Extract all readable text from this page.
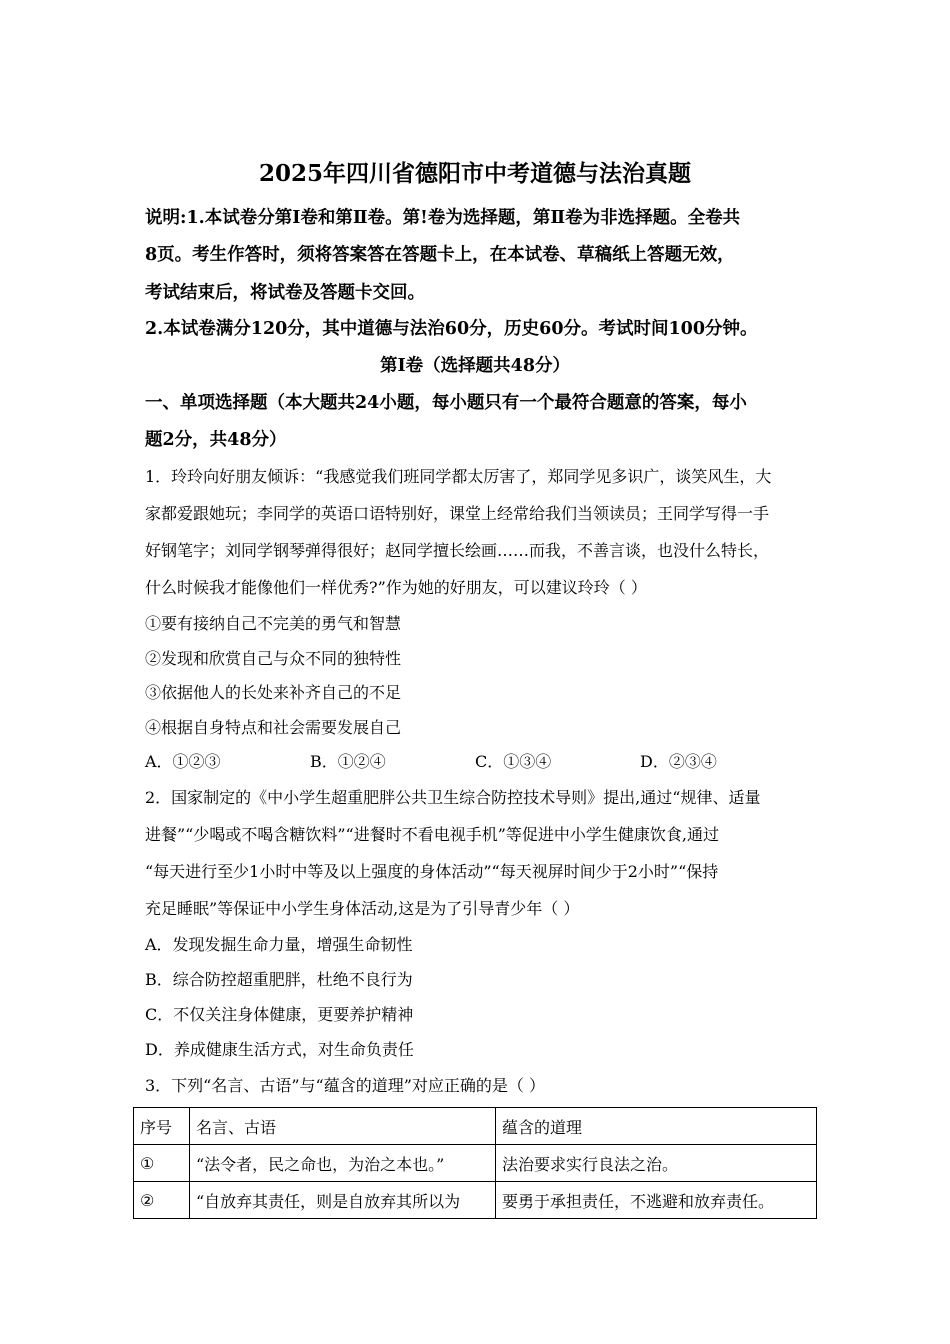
2025年四川省德阳市中考道德与法治真题
说明:1.本试卷分第Ⅰ卷和第Ⅱ卷。第!卷为选择题，第Ⅱ卷为非选择题。全卷共
8页。考生作答时，须将答案答在答题卡上，在本试卷、草稿纸上答题无效，
考试结束后，将试卷及答题卡交回。
2.本试卷满分120分，其中道德与法治60分，历史60分。考试时间100分钟。
第Ⅰ卷（选择题共48分）
一、单项选择题（本大题共24小题，每小题只有一个最符合题意的答案，每小
题2分，共48分）
1．玲玲向好朋友倾诉：“我感觉我们班同学都太厉害了，郑同学见多识广，谈笑风生，大
家都爱跟她玩；李同学的英语口语特别好，课堂上经常给我们当领读员；王同学写得一手
好钢笔字；刘同学钢琴弹得很好；赵同学擅长绘画……而我，不善言谈，也没什么特长，
什么时候我才能像他们一样优秀?”作为她的好朋友，可以建议玲玲（ ）
①要有接纳自己不完美的勇气和智慧
②发现和欣赏自己与众不同的独特性
③依据他人的长处来补齐自己的不足
④根据自身特点和社会需要发展自己
A．①②③	B．①②④	C．①③④	D．②③④
2．国家制定的《中小学生超重肥胖公共卫生综合防控技术导则》提出,通过“规律、适量
进餐”“少喝或不喝含糖饮料”“进餐时不看电视手机”等促进中小学生健康饮食,通过
“每天进行至少1小时中等及以上强度的身体活动”“每天视屏时间少于2小时”“保持
充足睡眠”等保证中小学生身体活动,这是为了引导青少年（ ）
A．发现发掘生命力量，增强生命韧性
B．综合防控超重肥胖，杜绝不良行为
C．不仅关注身体健康，更要养护精神
D．养成健康生活方式，对生命负责任
3．下列“名言、古语”与“蕴含的道理”对应正确的是（ ）
序号	名言、古语	蕴含的道理
①	“法令者，民之命也，为治之本也。”	法治要求实行良法之治。
②	“自放弃其责任，则是自放弃其所以为	要勇于承担责任，不逃避和放弃责任。
